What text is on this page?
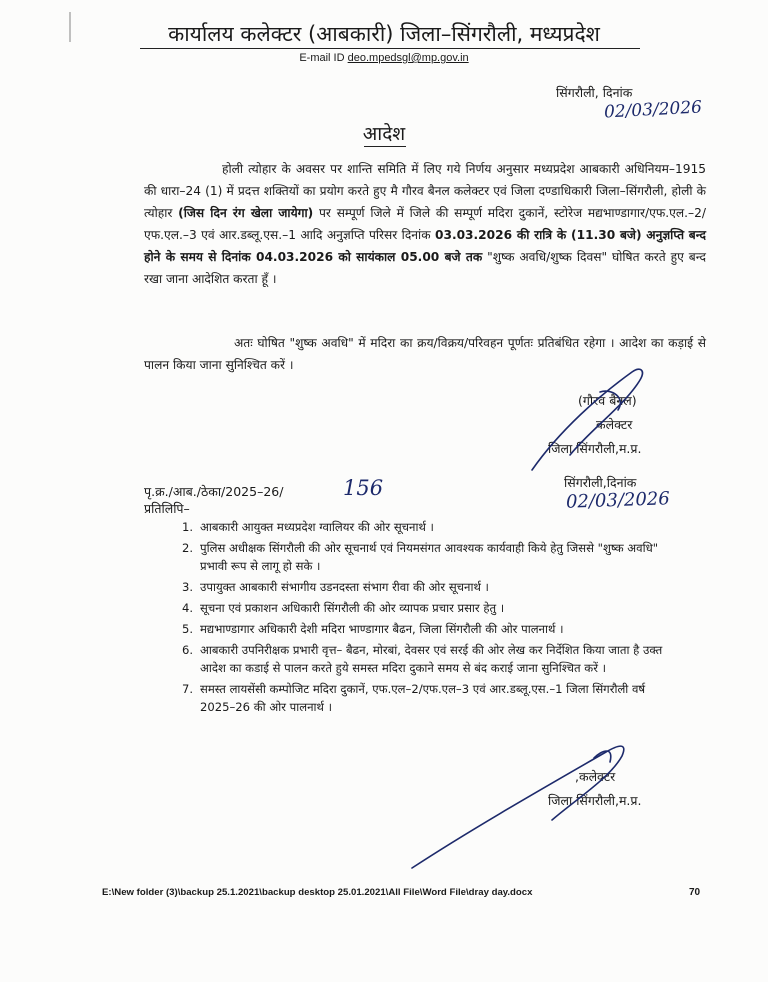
कार्यालय कलेक्टर (आबकारी) जिला–सिंगरौली, मध्यप्रदेश
E-mail ID deo.mpedsgl@mp.gov.in
सिंगरौली, दिनांक
02/03/2026
आदेश
होली त्योहार के अवसर पर शान्ति समिति में लिए गये निर्णय अनुसार मध्यप्रदेश आबकारी अधिनियम–1915 की धारा–24 (1) में प्रदत्त शक्तियों का प्रयोग करते हुए मै गौरव बैनल कलेक्टर एवं जिला दण्डाधिकारी जिला–सिंगरौली, होली के त्योहार (जिस दिन रंग खेला जायेगा) पर सम्पूर्ण जिले में जिले की सम्पूर्ण मदिरा दुकानें, स्टोरेज मद्यभाण्डागार/एफ.एल.–2/एफ.एल.–3 एवं आर.डब्लू.एस.–1 आदि अनुज्ञप्ति परिसर दिनांक 03.03.2026 की रात्रि के (11.30 बजे) अनुज्ञप्ति बन्द होने के समय से दिनांक 04.03.2026 को सायंकाल 05.00 बजे तक "शुष्क अवधि/शुष्क दिवस" घोषित करते हुए बन्द रखा जाना आदेशित करता हूँ ।
अतः घोषित "शुष्क अवधि" में मदिरा का क्रय/विक्रय/परिवहन पूर्णतः प्रतिबंधित रहेगा । आदेश का कड़ाई से पालन किया जाना सुनिश्चित करें ।
(गौरव बैनल)
कलेक्टर
जिला सिंगरौली,म.प्र.
पृ.क्र./आब./ठेका/2025–26/	156	सिंगरौली,दिनांक
02/03/2026
प्रतिलिपि–
1. आबकारी आयुक्त मध्यप्रदेश ग्वालियर की ओर सूचनार्थ ।
2. पुलिस अधीक्षक सिंगरौली की ओर सूचनार्थ एवं नियमसंगत आवश्यक कार्यवाही किये हेतु जिससे "शुष्क अवधि" प्रभावी रूप से लागू हो सके ।
3. उपायुक्त आबकारी संभागीय उडनदस्ता संभाग रीवा की ओर सूचनार्थ ।
4. सूचना एवं प्रकाशन अधिकारी सिंगरौली की ओर व्यापक प्रचार प्रसार हेतु ।
5. मद्यभाण्डागार अधिकारी देशी मदिरा भाण्डागार बैढन, जिला सिंगरौली की ओर पालनार्थ ।
6. आबकारी उपनिरीक्षक प्रभारी वृत्त– बैढन, मोरबां, देवसर एवं सरई की ओर लेख कर निर्देशित किया जाता है उक्त आदेश का कडाई से पालन करते हुये समस्त मदिरा दुकाने समय से बंद कराई जाना सुनिश्चित करें ।
7. समस्त लायसेंसी कम्पोजिट मदिरा दुकानें, एफ.एल–2/एफ.एल–3 एवं आर.डब्लू.एस.–1 जिला सिंगरौली वर्ष 2025–26 की ओर पालनार्थ ।
,कलेक्टर
जिला सिंगरौली,म.प्र.
E:\New folder (3)\backup 25.1.2021\backup desktop 25.01.2021\All File\Word File\dray day.docx	70
